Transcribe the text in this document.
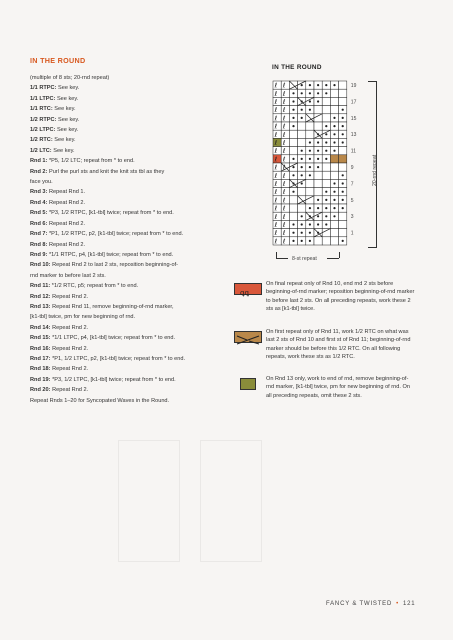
IN THE ROUND
(multiple of 8 sts; 20-rnd repeat)
1/1 RTPC: See key.
1/1 LTPC: See key.
1/1 RTC: See key.
1/2 RTPC: See key.
1/2 LTPC: See key.
1/2 RTC: See key.
1/2 LTC: See key.
Rnd 1: *P5, 1/2 LTC; repeat from * to end.
Rnd 2: Purl the purl sts and knit the knit sts tbl as they
face you.
Rnd 3: Repeat Rnd 1.
Rnd 4: Repeat Rnd 2.
Rnd 5: *P3, 1/2 RTPC, [k1-tbl] twice; repeat from * to end.
Rnd 6: Repeat Rnd 2.
Rnd 7: *P1, 1/2 RTPC, p2, [k1-tbl] twice; repeat from * to end.
Rnd 8: Repeat Rnd 2.
Rnd 9: *1/1 RTPC, p4, [k1-tbl] twice; repeat from * to end.
Rnd 10: Repeat Rnd 2 to last 2 sts, reposition beginning-of-
rnd marker to before last 2 sts.
Rnd 11: *1/2 RTC, p5; repeat from * to end.
Rnd 12: Repeat Rnd 2.
Rnd 13: Repeat Rnd 11, remove beginning-of-rnd marker,
[k1-tbl] twice, pm for new beginning of rnd.
Rnd 14: Repeat Rnd 2.
Rnd 15: *1/1 LTPC, p4, [k1-tbl] twice; repeat from * to end.
Rnd 16: Repeat Rnd 2.
Rnd 17: *P1, 1/2 LTPC, p2, [k1-tbl] twice; repeat from * to end.
Rnd 18: Repeat Rnd 2.
Rnd 19: *P3, 1/2 LTPC, [k1-tbl] twice; repeat from * to end.
Rnd 20: Repeat Rnd 2.
Repeat Rnds 1–20 for Syncopated Waves in the Round.
IN THE ROUND
ℓ ℓ
ℓ ℓ
ℓ ℓ
ℓ ℓ
ℓ ℓ
ℓ ℓ
ℓ ℓ
ℓ ℓ
ℓ ℓ
ℓ ℓ
ℓ ℓ
ℓ ℓ
ℓ ℓ
ℓ ℓ
ℓ ℓ
ℓ ℓ
ℓ ℓ
ℓ ℓ
ℓ ℓ
ℓ ℓ
19
17
15
13
11
9
7
5
3
1
8-st repeat
20-rnd repeat
ꝗꝗ
On final repeat only of Rnd 10, end rnd 2 sts before beginning-of-rnd marker; reposition beginning-of-rnd marker to before last 2 sts. On all preceding repeats, work these 2 sts as [k1-tbl] twice.
On first repeat only of Rnd 11, work 1/2 RTC on what was last 2 sts of Rnd 10 and first st of Rnd 11; beginning-of-rnd marker should be before this 1/2 RTC. On all following repeats, work these sts as 1/2 RTC.
On Rnd 13 only, work to end of rnd, remove beginning-of-rnd marker, [k1-tbl] twice, pm for new beginning of rnd. On all preceding repeats, omit these 2 sts.
FANCY & TWISTED • 121
